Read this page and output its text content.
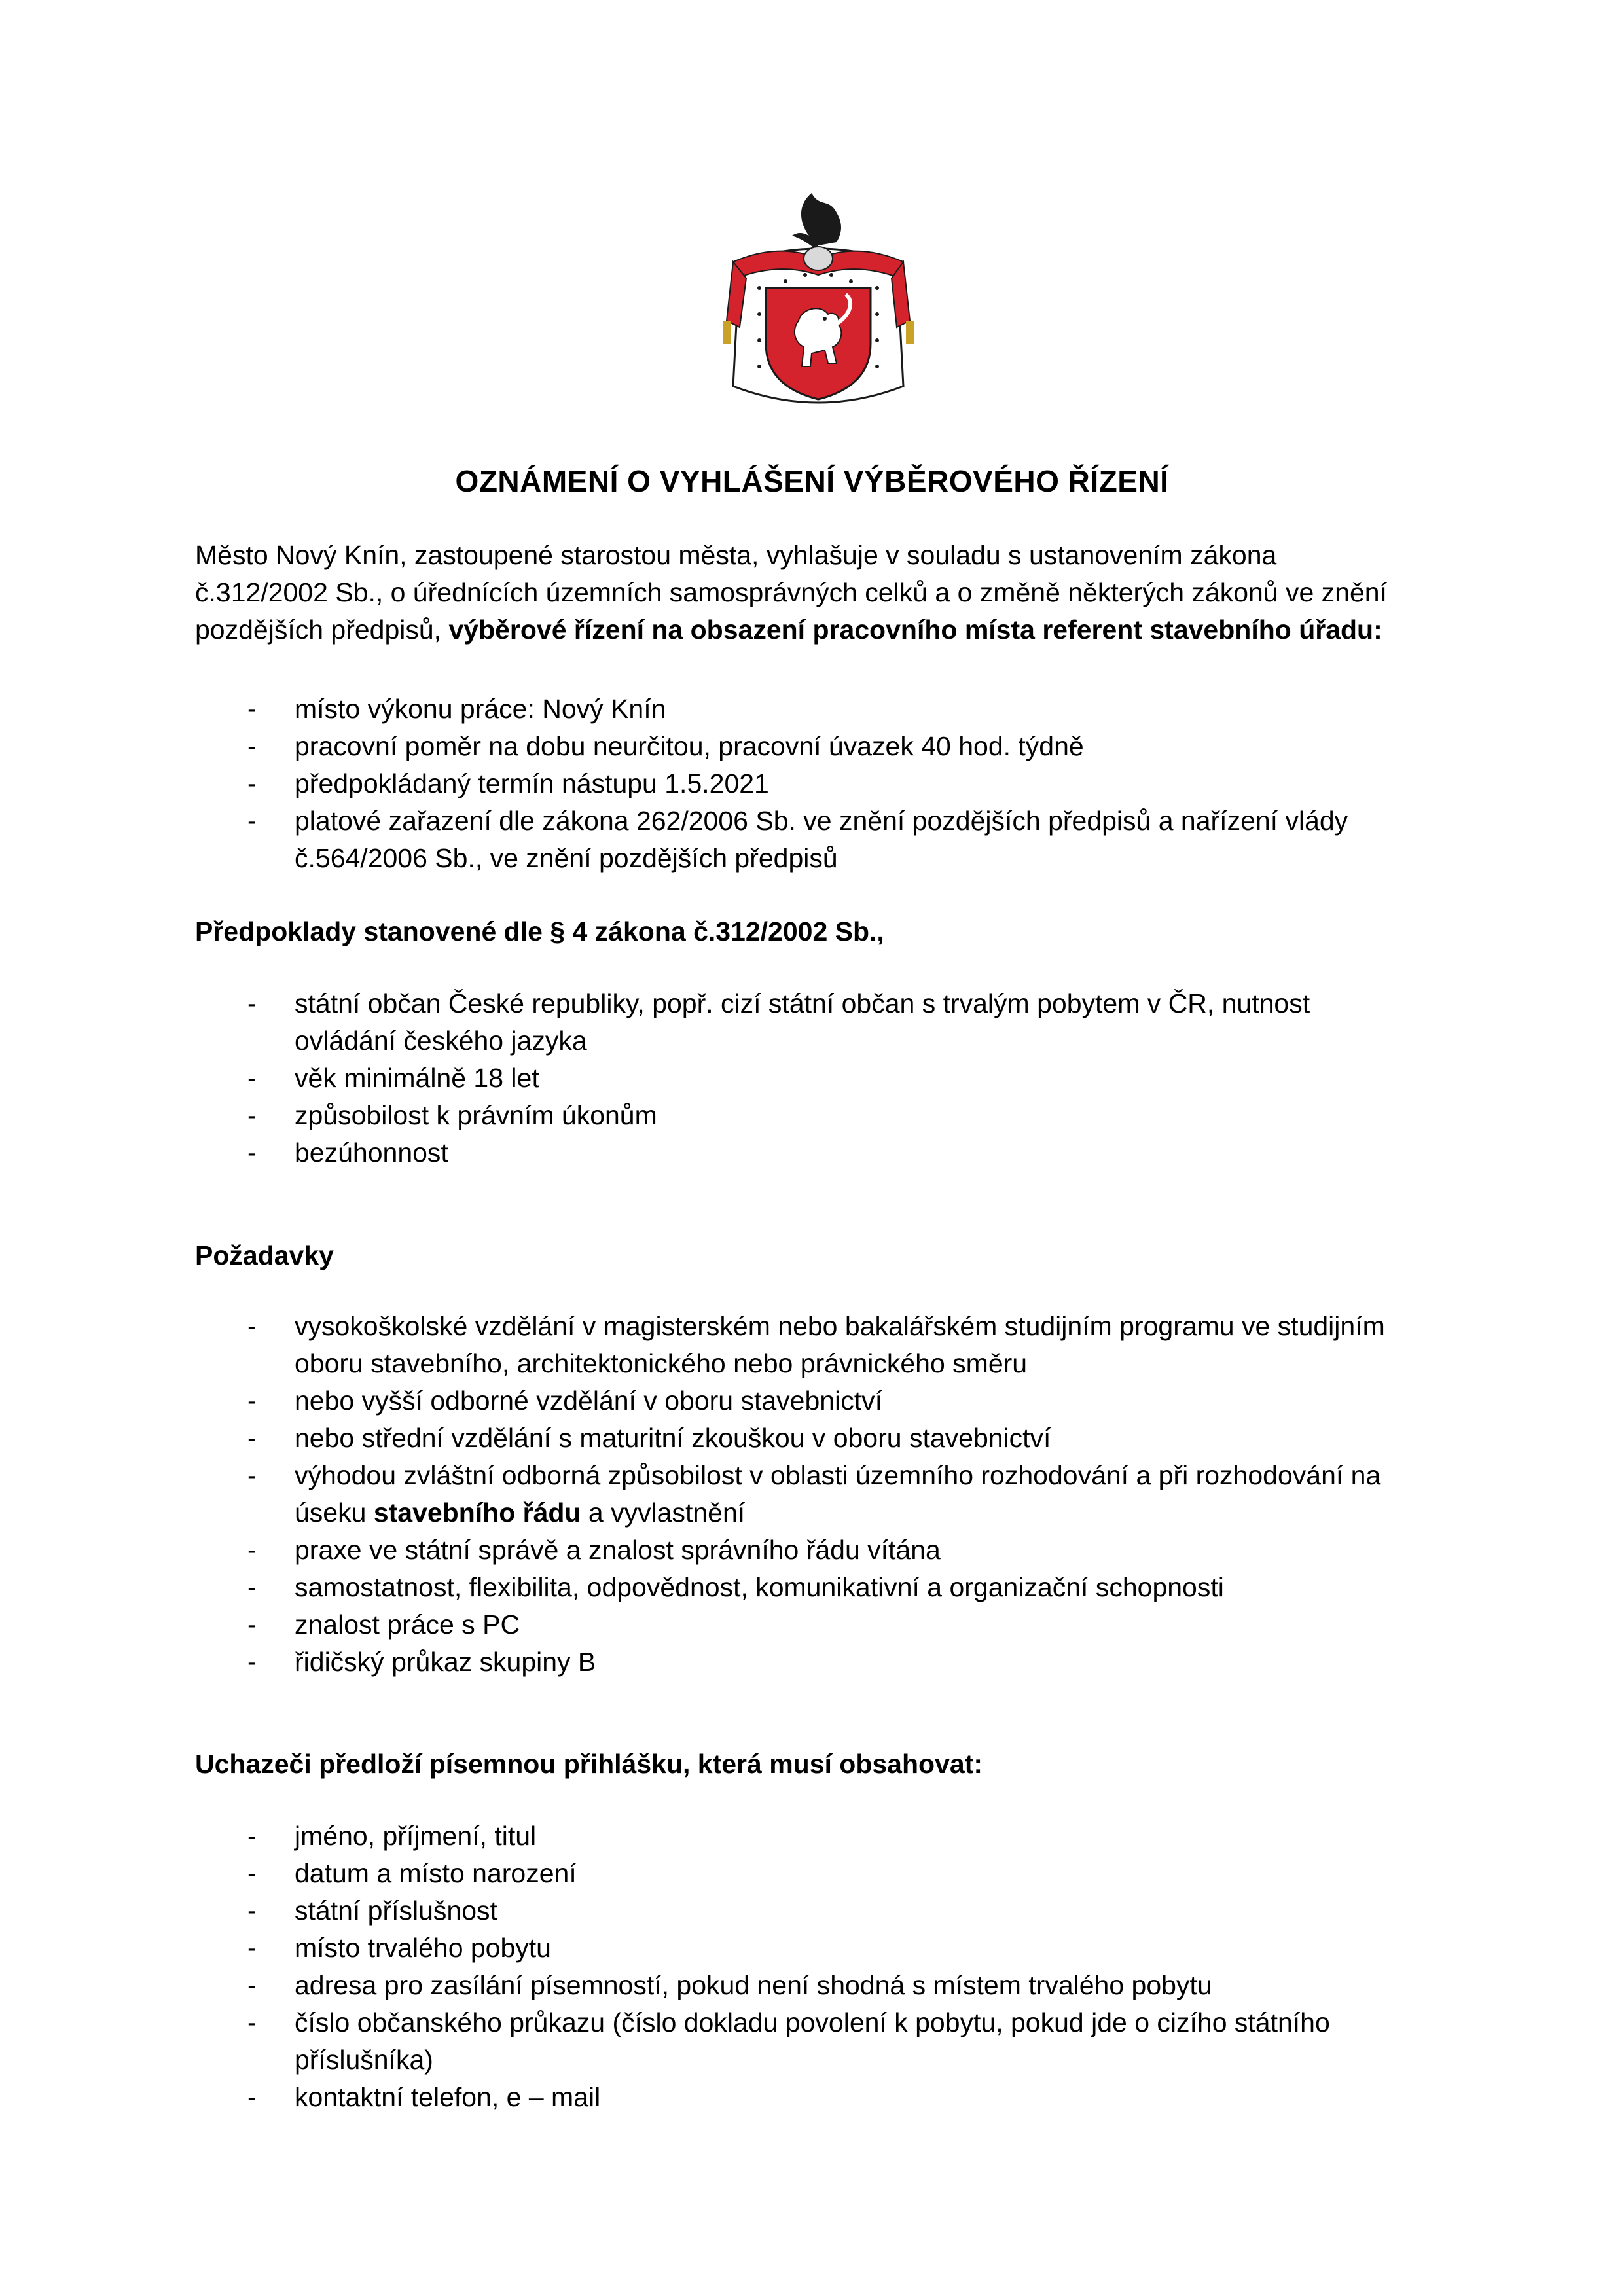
OZNÁMENÍ O VYHLÁŠENÍ VÝBĚROVÉHO ŘÍZENÍ
Město Nový Knín, zastoupené starostou města, vyhlašuje v souladu s ustanovením zákona
č.312/2002 Sb., o úřednících územních samosprávných celků a o změně některých zákonů ve znění
pozdějších předpisů, výběrové řízení na obsazení pracovního místa referent stavebního úřadu:
- místo výkonu práce: Nový Knín
- pracovní poměr na dobu neurčitou, pracovní úvazek 40 hod. týdně
- předpokládaný termín nástupu 1.5.2021
- platové zařazení dle zákona 262/2006 Sb. ve znění pozdějších předpisů a nařízení vlády
č.564/2006 Sb., ve znění pozdějších předpisů
Předpoklady stanovené dle § 4 zákona č.312/2002 Sb.,
- státní občan České republiky, popř. cizí státní občan s trvalým pobytem v ČR, nutnost
ovládání českého jazyka
- věk minimálně 18 let
- způsobilost k právním úkonům
- bezúhonnost
Požadavky
- vysokoškolské vzdělání v magisterském nebo bakalářském studijním programu ve studijním
oboru stavebního, architektonického nebo právnického směru
- nebo vyšší odborné vzdělání v oboru stavebnictví
- nebo střední vzdělání s maturitní zkouškou v oboru stavebnictví
- výhodou zvláštní odborná způsobilost v oblasti územního rozhodování a při rozhodování na
úseku stavebního řádu a vyvlastnění
- praxe ve státní správě a znalost správního řádu vítána
- samostatnost, flexibilita, odpovědnost, komunikativní a organizační schopnosti
- znalost práce s PC
- řidičský průkaz skupiny B
Uchazeči předloží písemnou přihlášku, která musí obsahovat:
- jméno, příjmení, titul
- datum a místo narození
- státní příslušnost
- místo trvalého pobytu
- adresa pro zasílání písemností, pokud není shodná s místem trvalého pobytu
- číslo občanského průkazu (číslo dokladu povolení k pobytu, pokud jde o cizího státního
příslušníka)
- kontaktní telefon, e – mail
